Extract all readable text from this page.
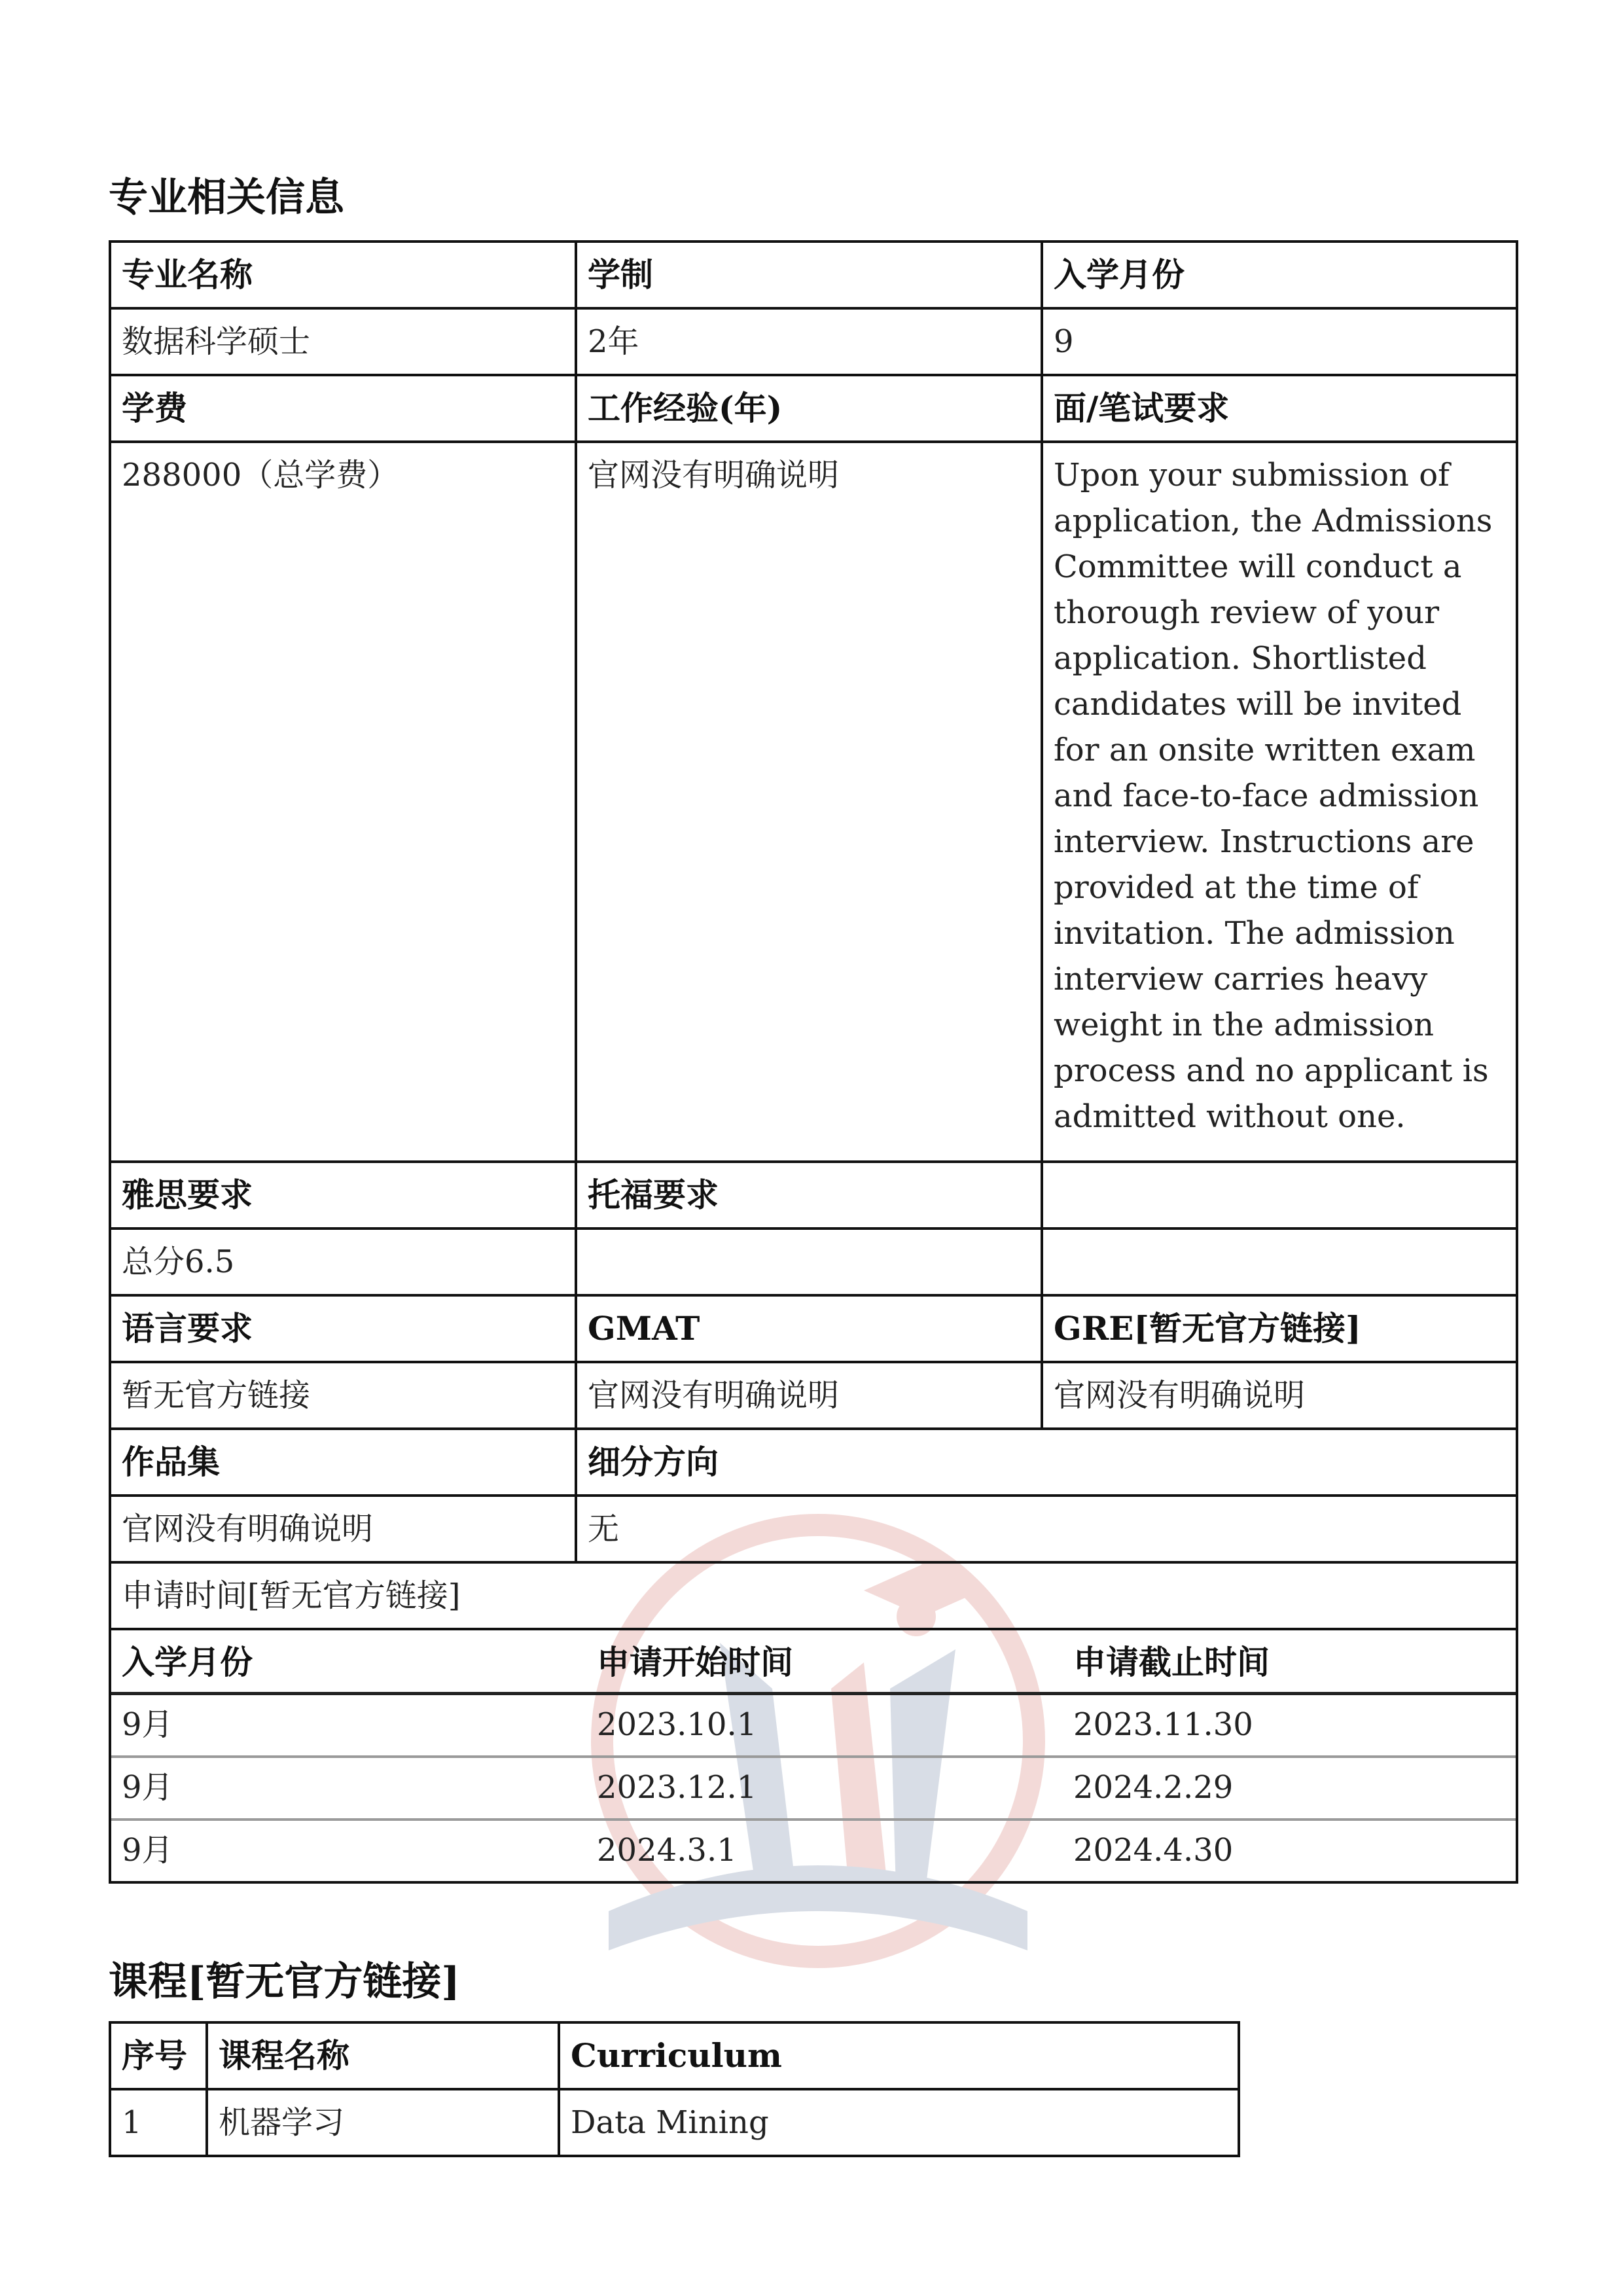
专业相关信息
专业名称	学制	入学月份
数据科学硕士	2年	9
学费	工作经验(年)	面/笔试要求
288000（总学费）	官网没有明确说明	Upon your submission of application, the Admissions Committee will conduct a thorough review of your application. Shortlisted candidates will be invited for an onsite written exam and face-to-face admission interview. Instructions are provided at the time of invitation. The admission interview carries heavy weight in the admission process and no applicant is admitted without one.
雅思要求	托福要求	
总分6.5		
语言要求	GMAT	GRE[暂无官方链接]
暂无官方链接	官网没有明确说明	官网没有明确说明
作品集	细分方向
官网没有明确说明	无
申请时间[暂无官方链接]

入学月份	申请开始时间	申请截止时间
9月	2023.10.1	2023.11.30
9月	2023.12.1	2024.2.29
9月	2024.3.1	2024.4.30
课程[暂无官方链接]
序号	课程名称	Curriculum
1	机器学习	Data Mining
